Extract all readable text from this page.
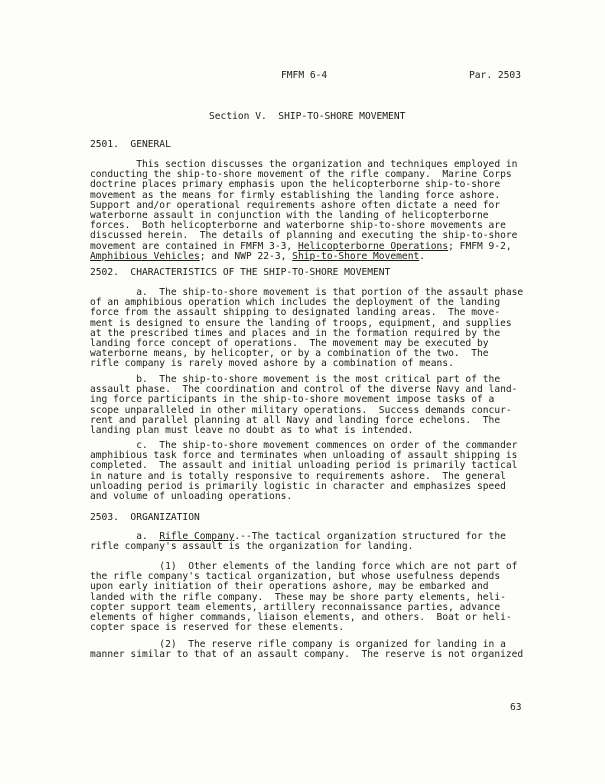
FMFM 6-4	Par. 2503
Section V.  SHIP-TO-SHORE MOVEMENT
2501.  GENERAL
This section discusses the organization and techniques employed in
conducting the ship-to-shore movement of the rifle company.  Marine Corps
doctrine places primary emphasis upon the helicopterborne ship-to-shore
movement as the means for firmly establishing the landing force ashore.
Support and/or operational requirements ashore often dictate a need for
waterborne assault in conjunction with the landing of helicopterborne
forces.  Both helicopterborne and waterborne ship-to-shore movements are
discussed herein.  The details of planning and executing the ship-to-shore
movement are contained in FMFM 3-3, Helicopterborne Operations; FMFM 9-2,
Amphibious Vehicles; and NWP 22-3, Ship-to-Shore Movement.
2502.  CHARACTERISTICS OF THE SHIP-TO-SHORE MOVEMENT
a.  The ship-to-shore movement is that portion of the assault phase
of an amphibious operation which includes the deployment of the landing
force from the assault shipping to designated landing areas.  The move-
ment is designed to ensure the landing of troops, equipment, and supplies
at the prescribed times and places and in the formation required by the
landing force concept of operations.  The movement may be executed by
waterborne means, by helicopter, or by a combination of the two.  The
rifle company is rarely moved ashore by a combination of means.
b.  The ship-to-shore movement is the most critical part of the
assault phase.  The coordination and control of the diverse Navy and land-
ing force participants in the ship-to-shore movement impose tasks of a
scope unparalleled in other military operations.  Success demands concur-
rent and parallel planning at all Navy and landing force echelons.  The
landing plan must leave no doubt as to what is intended.
c.  The ship-to-shore movement commences on order of the commander
amphibious task force and terminates when unloading of assault shipping is
completed.  The assault and initial unloading period is primarily tactical
in nature and is totally responsive to requirements ashore.  The general
unloading period is primarily logistic in character and emphasizes speed
and volume of unloading operations.
2503.  ORGANIZATION
a.  Rifle Company.--The tactical organization structured for the
rifle company's assault is the organization for landing.
(1)  Other elements of the landing force which are not part of
the rifle company's tactical organization, but whose usefulness depends
upon early initiation of their operations ashore, may be embarked and
landed with the rifle company.  These may be shore party elements, heli-
copter support team elements, artillery reconnaissance parties, advance
elements of higher commands, liaison elements, and others.  Boat or heli-
copter space is reserved for these elements.
(2)  The reserve rifle company is organized for landing in a
manner similar to that of an assault company.  The reserve is not organized
63
